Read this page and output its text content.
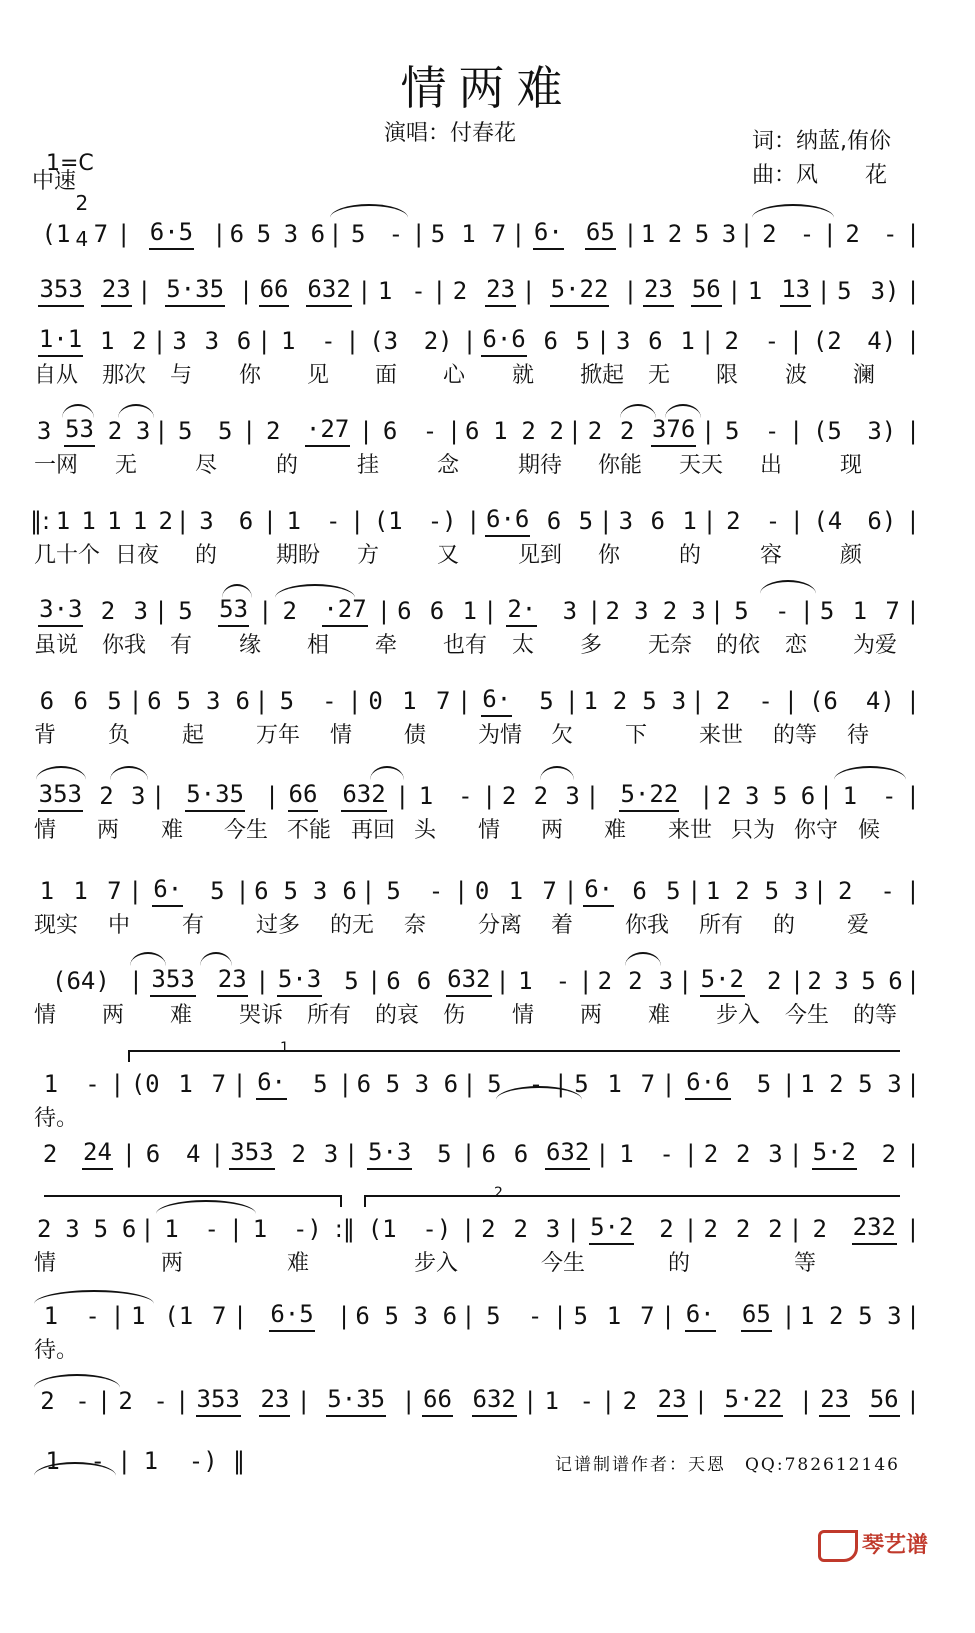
情两难

1=C

2

4

中速
演唱：付春花	词：纳蓝,侑伱
曲：风 花
(1 7 | 6·5 | 6 5 3 6 | 5 - | 5 1 7 | 6· 65 | 1 2 5 3 | 2 - | 2 - |
353 23 | 5·35 | 66 632 | 1 - | 2 23 | 5·22 | 23 56 | 1 13 | 5 3) |
1·1 1 2 | 3 3 6 | 1 - | (3 2) | 6·6 6 5 | 3 6 1 | 2 - | (2 4) |
自从 那次 与 你 见 面 心 就 掀起 无 限 波 澜
3 53 2 3 | 5 5 | 2 ·27 | 6 - | 6 1 2 2 | 2 2 376 | 5 - | (5 3) |
一网 无	尽	的	挂	念	期待 你能 天天 出	现
‖: 1 1 1 1 2 | 3 6 | 1 - | (1 -) | 6·6 6 5 | 3 6 1 | 2 - | (4 6) |
几十个 日夜 的	期盼 方	又	见到 你	的	容	颜
3·3 2 3 | 5 53 | 2 ·27 | 6 6 1 | 2· 3 | 2 3 2 3 | 5 - | 5 1 7 |
虽说 你我 有 缘 相 牵 也有 太 多 无奈 的依 恋 为爱
6 6 5 | 6 5 3 6 | 5 - | 0 1 7 | 6· 5 | 1 2 5 3 | 2 - | (6 4) |
背 负 起 万年 情 债 为情 欠 下 来世 的等 待
353 2 3 | 5·35 | 66 632 | 1 - | 2 2 3 | 5·22 | 2 3 5 6 | 1 - |
情 两 难 今生 不能 再回 头 情 两 难 来世 只为 你守 候
1 1 7 | 6· 5 | 6 5 3 6 | 5 - | 0 1 7 | 6· 6 5 | 1 2 5 3 | 2 - |
现实 中 有 过多 的无 奈 分离 着 你我 所有 的 爱
(64) | 353 23 | 5·3 5 | 6 6 632 | 1 - | 2 2 3 | 5·2 2 | 2 3 5 6 |
情 两 难 哭诉 所有 的哀 伤 情 两 难 步入 今生 的等
1 - | (0 1 7 | 6· 5 | 6 5 3 6 | 5 - | 5 1 7 | 6·6 5 | 1 2 5 3 |
待。
2 24 | 6 4 | 353 2 3 | 5·3 5 | 6 6 632 | 1 - | 2 2 3 | 5·2 2 |
2 3 5 6 | 1 - | 1 -) :‖ (1 -) | 2 2 3 | 5·2 2 | 2 2 2 | 2 232 |
情	两	难	步入	今生	的	等
1 - | 1 (1 7 | 6·5 | 6 5 3 6 | 5 - | 5 1 7 | 6· 65 | 1 2 5 3 |
待。
2 - | 2 - | 353 23 | 5·35 | 66 632 | 1 - | 2 23 | 5·22 | 23 56 |
1 - | 1 -) ‖	记谱制谱作者：天恩　QQ:782612146
琴艺谱
1
2
